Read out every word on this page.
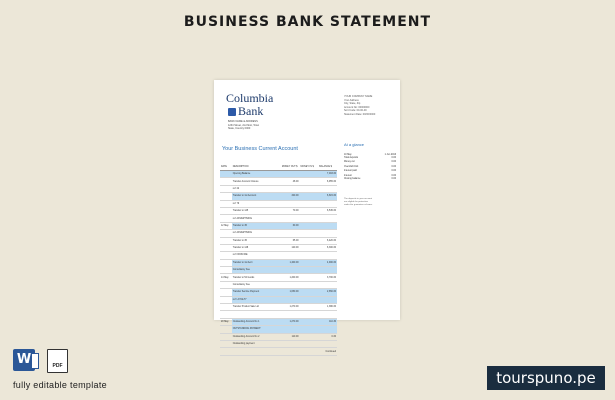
BUSINESS BANK STATEMENT
Columbia
Bank
BANK NAME & ADDRESS
1234 Street, 2nd floor, Town
State, Country 0000
YOUR COMPANY NAME
Your Address
City, State, Zip
Account No: 00000000
Sort Code: 00-00-00
Statement Date: 00/00/0000
Your Business Current Account
At a glance
10 May	1 Jun 2016
Total deposits	0.00
Money out	0.00
Overdraft limit	0.00
Interest paid	0.00
Interest	0.00
Closing balance	0.00
The deposits in your account
are eligible for protection
under the guarantee scheme.
DATE	DESCRIPTION	MONEY OUT $	MONEY IN $	BALANCE $
	Opening Balance			7,003.30
	Transfer Account Closure	48.00		6,955.30
	ref: 22			
	Transfer to 1st Account	340.00		6,615.30
	ref: 79			
	Transfer to 145	70.00		6,545.30
	ref: ADVERTISING			
12 May	Transfer to 45	60.00		
	ref: ADVERTISING			
	Transfer to 45	65.00		6,420.30
	Transfer to 148	120.00		6,300.30
	ref: FROM ME			
	Transfer to 1st Acct	1,400.00		4,900.30
	Consultancy Fee			
14 May	Transfer to 54 Goods	1,200.00		3,700.30
	Consultancy Fee			
	Transfer Service Payment	1,050.00		2,650.30
	ref: LOYALTY			
	Transfer Product Sale Ltd	1,270.00		1,380.30

20 May	Outstanding Account No 1	1,270.00		110.30
	OUTSTANDING PAYMENT			
	Outstanding Account No 2	110.00		0.30
	Outstanding payment			
				Continued
W	PDF
fully editable template	tourspuno.pe
